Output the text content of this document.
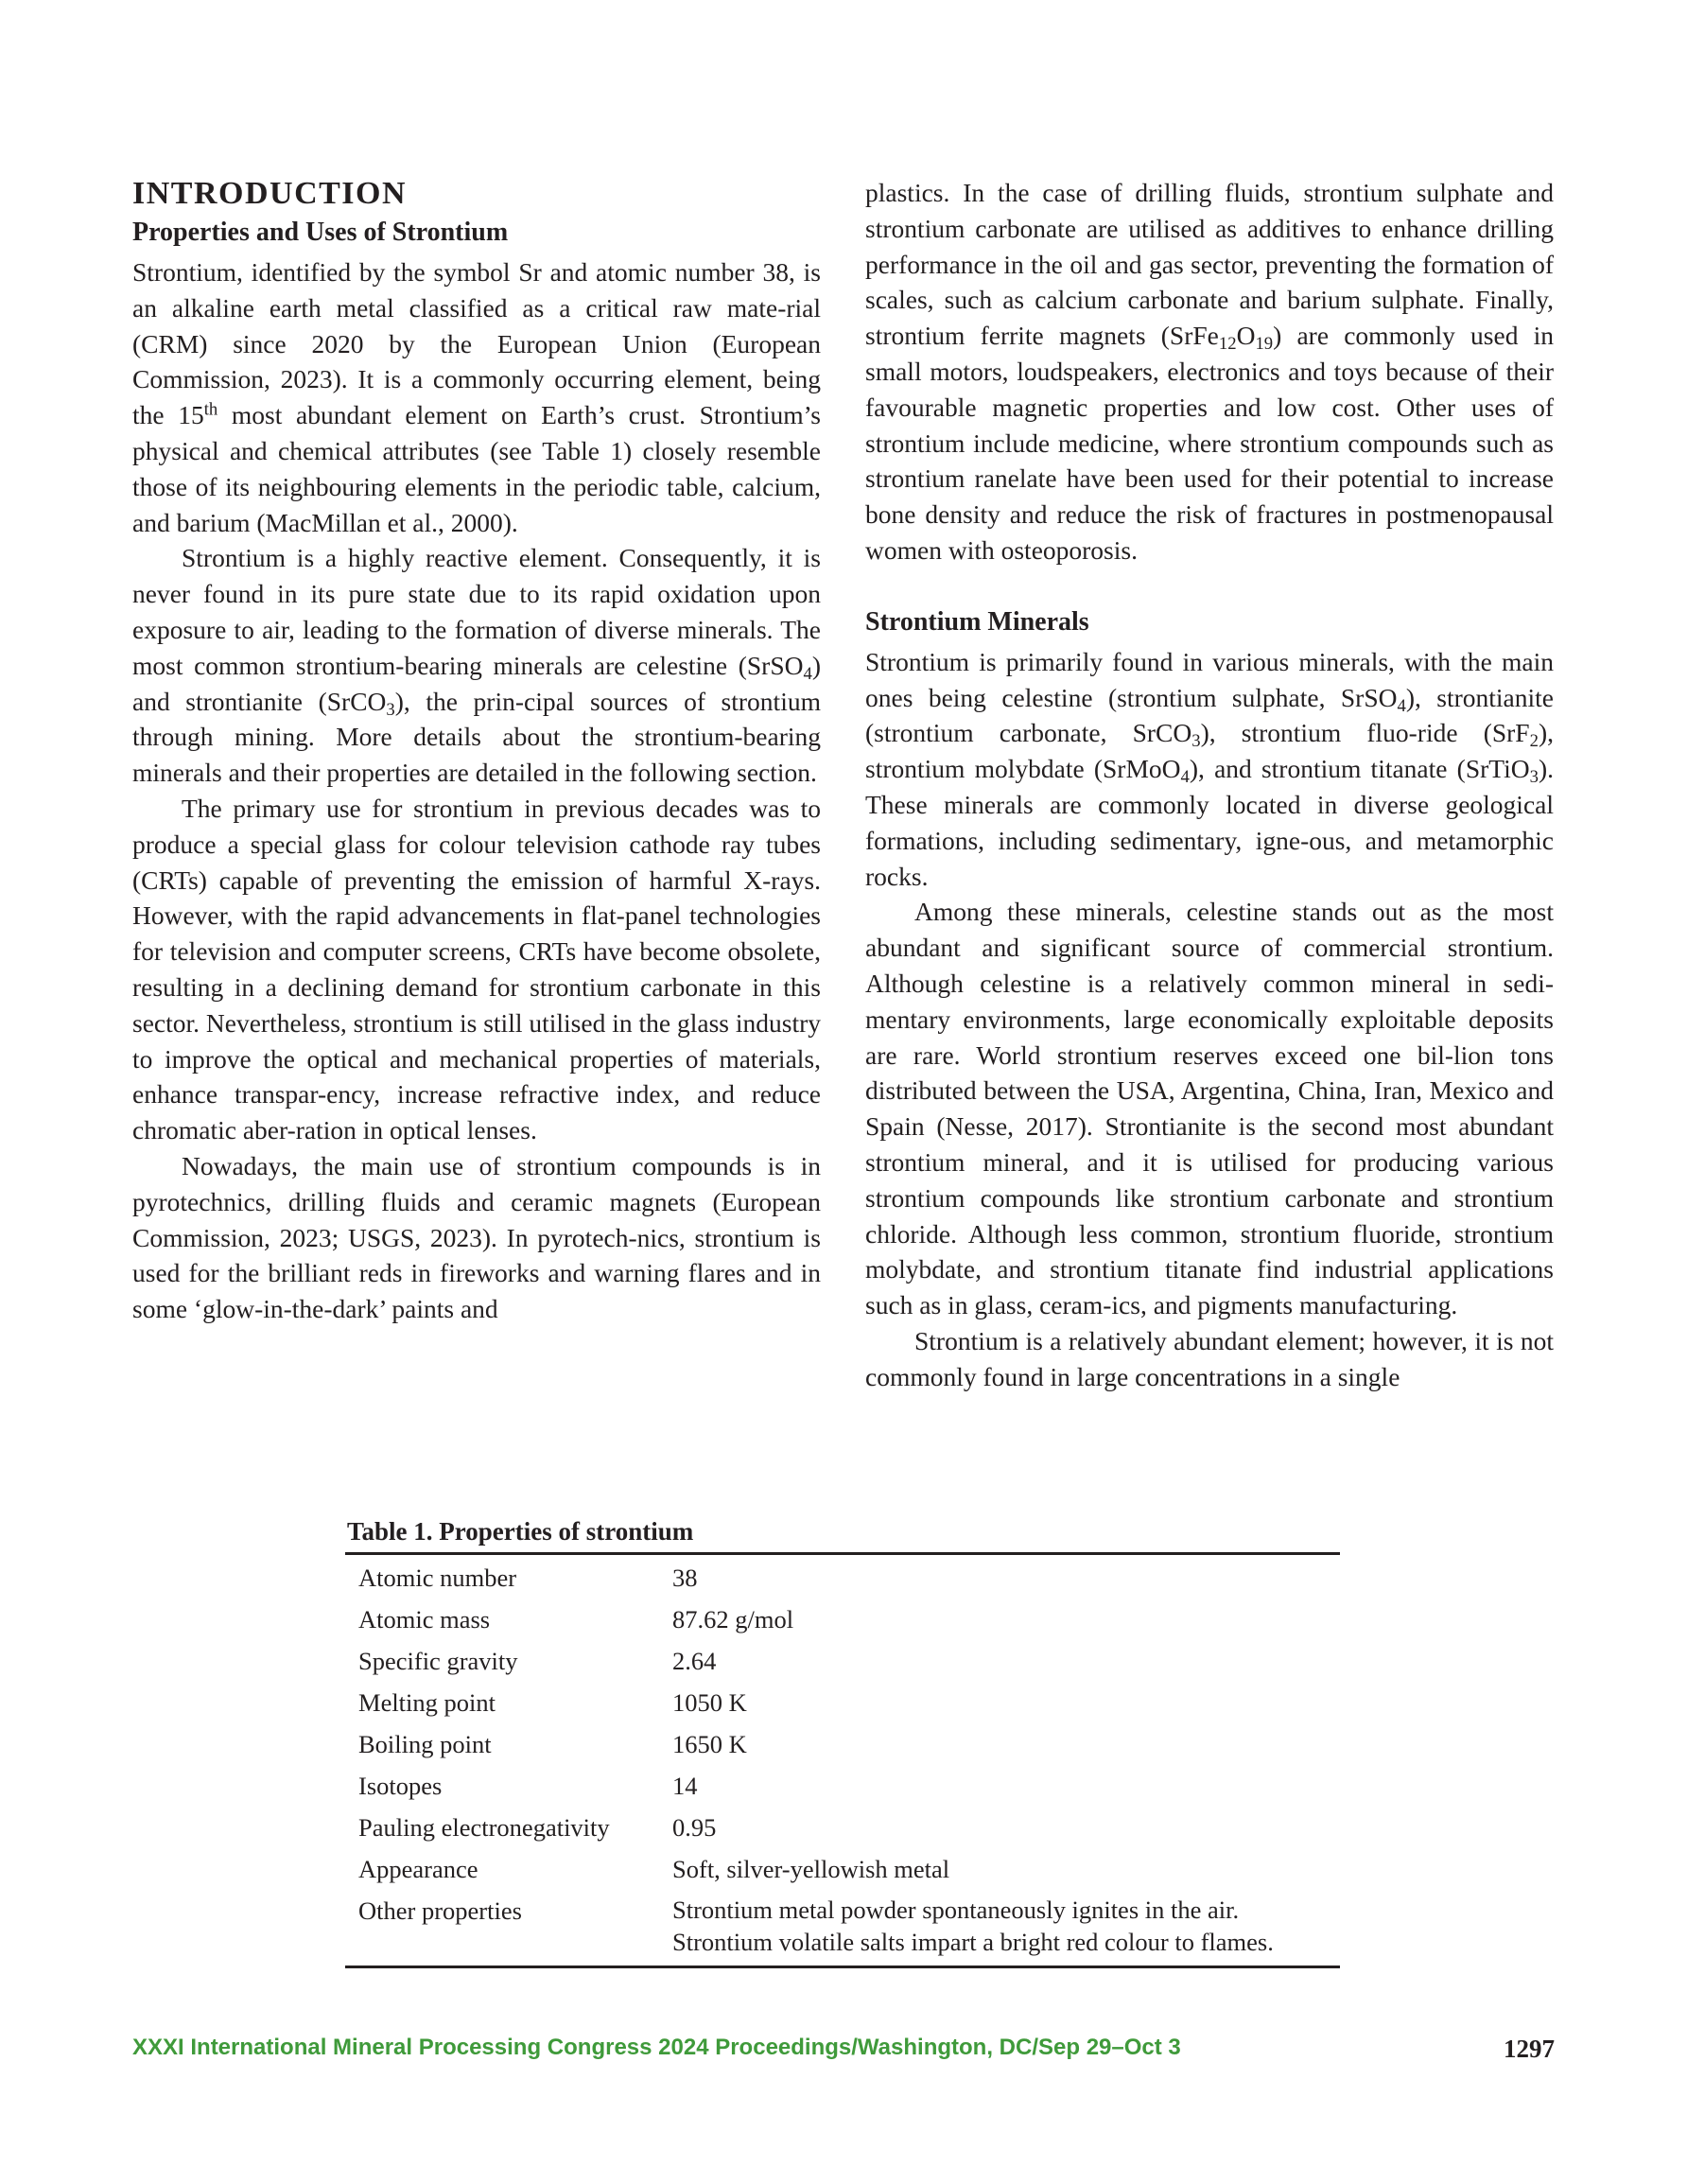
INTRODUCTION
Properties and Uses of Strontium

Strontium, identified by the symbol Sr and atomic number 38, is an alkaline earth metal classified as a critical raw mate-rial (CRM) since 2020 by the European Union (European Commission, 2023). It is a commonly occurring element, being the 15th most abundant element on Earth’s crust. Strontium’s physical and chemical attributes (see Table 1) closely resemble those of its neighbouring elements in the periodic table, calcium, and barium (MacMillan et al., 2000).

Strontium is a highly reactive element. Consequently, it is never found in its pure state due to its rapid oxidation upon exposure to air, leading to the formation of diverse minerals. The most common strontium-bearing minerals are celestine (SrSO$_4$) and strontianite (SrCO$_3$), the prin-cipal sources of strontium through mining. More details about the strontium-bearing minerals and their properties are detailed in the following section.

The primary use for strontium in previous decades was to produce a special glass for colour television cathode ray tubes (CRTs) capable of preventing the emission of harmful X-rays. However, with the rapid advancements in flat-panel technologies for television and computer screens, CRTs have become obsolete, resulting in a declining demand for strontium carbonate in this sector. Nevertheless, strontium is still utilised in the glass industry to improve the optical and mechanical properties of materials, enhance transpar-ency, increase refractive index, and reduce chromatic aber-ration in optical lenses.

Nowadays, the main use of strontium compounds is in pyrotechnics, drilling fluids and ceramic magnets (European Commission, 2023; USGS, 2023). In pyrotech-nics, strontium is used for the brilliant reds in fireworks and warning flares and in some ‘glow-in-the-dark’ paints and

plastics. In the case of drilling fluids, strontium sulphate and strontium carbonate are utilised as additives to enhance drilling performance in the oil and gas sector, preventing the formation of scales, such as calcium carbonate and barium sulphate. Finally, strontium ferrite magnets $(SrFe_{12}O_{19})$ are commonly used in small motors, loudspeakers, electronics and toys because of their favourable magnetic properties and low cost. Other uses of strontium include medicine, where strontium compounds such as strontium ranelate have been used for their potential to increase bone density and reduce the risk of fractures in postmenopausal women with osteoporosis.

Strontium Minerals

Strontium is primarily found in various minerals, with the main ones being celestine (strontium sulphate, SrSO$_4$), strontianite (strontium carbonate, SrCO$_3$), strontium fluo-ride (SrF$_2$), strontium molybdate (SrMoO$_4$), and strontium titanate (SrTiO$_3$). These minerals are commonly located in diverse geological formations, including sedimentary, igne-ous, and metamorphic rocks.

Among these minerals, celestine stands out as the most abundant and significant source of commercial strontium. Although celestine is a relatively common mineral in sedi-mentary environments, large economically exploitable deposits are rare. World strontium reserves exceed one bil-lion tons distributed between the USA, Argentina, China, Iran, Mexico and Spain (Nesse, 2017). Strontianite is the second most abundant strontium mineral, and it is utilised for producing various strontium compounds like strontium carbonate and strontium chloride. Although less common, strontium fluoride, strontium molybdate, and strontium titanate find industrial applications such as in glass, ceram-ics, and pigments manufacturing.

Strontium is a relatively abundant element; however, it is not commonly found in large concentrations in a single

Table 1. Properties of strontium
Atomic number	38
Atomic mass	87.62 g/mol
Specific gravity	2.64
Melting point	1050 K
Boiling point	1650 K
Isotopes	14
Pauling electronegativity	0.95
Appearance	Soft, silver-yellowish metal
Other properties	Strontium metal powder spontaneously ignites in the air.
Strontium volatile salts impart a bright red colour to flames.
XXXI International Mineral Processing Congress 2024 Proceedings/Washington, DC/Sep 29–Oct 3	1297
